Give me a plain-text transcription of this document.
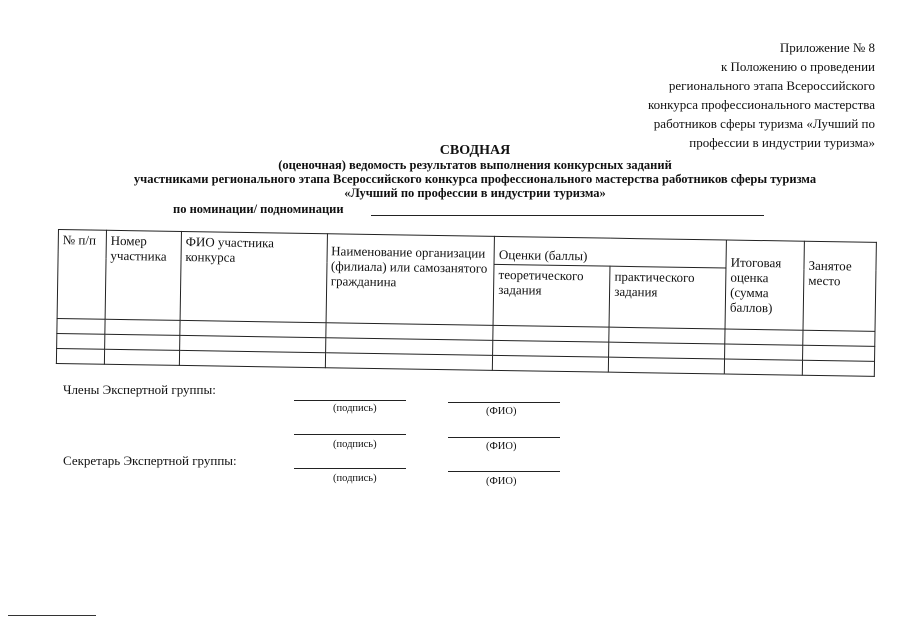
Приложение № 8
к Положению о проведении
регионального этапа Всероссийского
конкурса профессионального мастерства
работников сферы туризма «Лучший по
профессии в индустрии туризма»
СВОДНАЯ
(оценочная) ведомость результатов выполнения конкурсных заданий
участниками регионального этапа Всероссийского конкурса профессионального мастерства работников сферы туризма
«Лучший по профессии в индустрии туризма»
по номинации/ подноминации
№ п/п	Номер участника	ФИО участника конкурса	Наименование организации (филиала) или самозанятого гражданина	Оценки (баллы)		Итоговая оценка (сумма баллов)	Занятое место
				теоретического задания	практического задания		

Члены Экспертной группы:
Секретарь Экспертной группы:
(подпись)	(ФИО)
(подпись)	(ФИО)
(подпись)	(ФИО)
